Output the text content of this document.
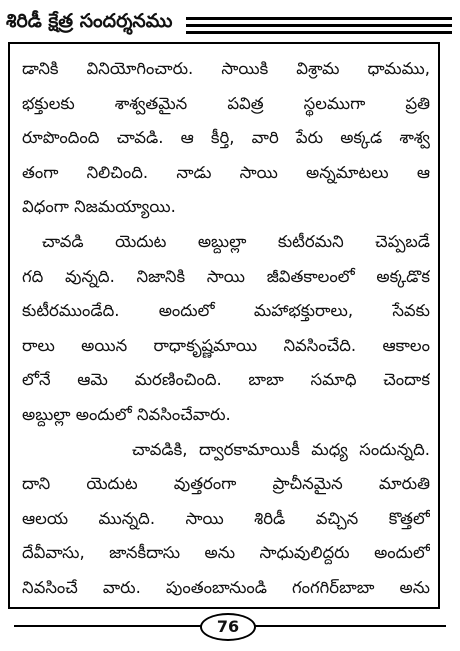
శిరిడీ క్షేత్ర సందర్శనము
డానికి వినియోగించారు. సాయికి విశ్రామ ధామము,
భక్తులకు శాశ్వతమైన పవిత్ర స్థలముగా ప్రతి
రూపొందింది చావడి. ఆ కీర్తి, వారి పేరు అక్కడ శాశ్వ
తంగా నిలిచింది. నాడు సాయి అన్నమాటలు ఆ
విధంగా నిజమయ్యాయి.
చావడి యెదుట అబ్దుల్లా కుటీరమని చెప్పబడే
గది వున్నది. నిజానికి సాయి జీవితకాలంలో అక్కడొక
కుటీరముండేది. అందులో మహాభక్తురాలు, సేవకు
రాలు అయిన రాధాకృష్ణమాయి నివసించేది. ఆకాలం
లోనే ఆమె మరణించింది. బాబా సమాధి చెందాక
అబ్దుల్లా అందులో నివసించేవారు.
చావడికి, ద్వారకామాయికీ మధ్య సందున్నది.
దాని యెదుట వుత్తరంగా ప్రాచీనమైన మారుతి
ఆలయ మున్నది. సాయి శిరిడీ వచ్చిన కొత్తలో
దేవీవాసు, జానకీదాసు అను సాధువులిద్దరు అందులో
నివసించే వారు. పుంతంబానుండి గంగగిర్‌బాబా అను
76
